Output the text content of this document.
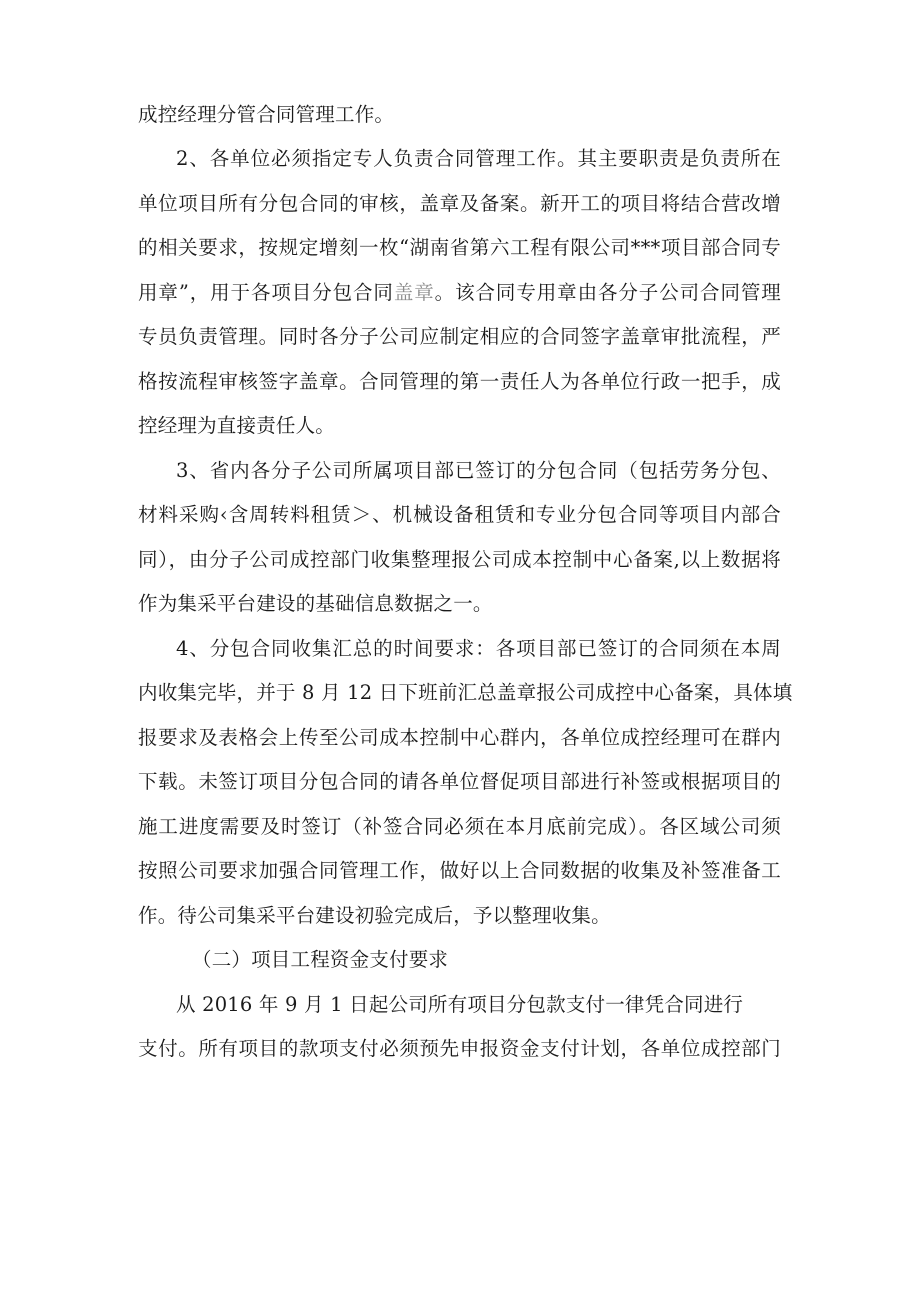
成控经理分管合同管理工作。
2、各单位必须指定专人负责合同管理工作。其主要职责是负责所在
单位项目所有分包合同的审核，盖章及备案。新开工的项目将结合营改增
的相关要求，按规定增刻一枚“湖南省第六工程有限公司***项目部合同专
用章”，用于各项目分包合同盖章。该合同专用章由各分子公司合同管理
专员负责管理。同时各分子公司应制定相应的合同签字盖章审批流程，严
格按流程审核签字盖章。合同管理的第一责任人为各单位行政一把手，成
控经理为直接责任人。
3、省内各分子公司所属项目部已签订的分包合同（包括劳务分包、
材料采购‹含周转料租赁＞、机械设备租赁和专业分包合同等项目内部合
同），由分子公司成控部门收集整理报公司成本控制中心备案,以上数据将
作为集采平台建设的基础信息数据之一。
4、分包合同收集汇总的时间要求：各项目部已签订的合同须在本周
内收集完毕，并于 8 月 12 日下班前汇总盖章报公司成控中心备案，具体填
报要求及表格会上传至公司成本控制中心群内，各单位成控经理可在群内
下载。未签订项目分包合同的请各单位督促项目部进行补签或根据项目的
施工进度需要及时签订（补签合同必须在本月底前完成）。各区域公司须
按照公司要求加强合同管理工作，做好以上合同数据的收集及补签准备工
作。待公司集采平台建设初验完成后，予以整理收集。
（二）项目工程资金支付要求
从 2016 年 9 月 1 日起公司所有项目分包款支付一律凭合同进行
支付。所有项目的款项支付必须预先申报资金支付计划，各单位成控部门
